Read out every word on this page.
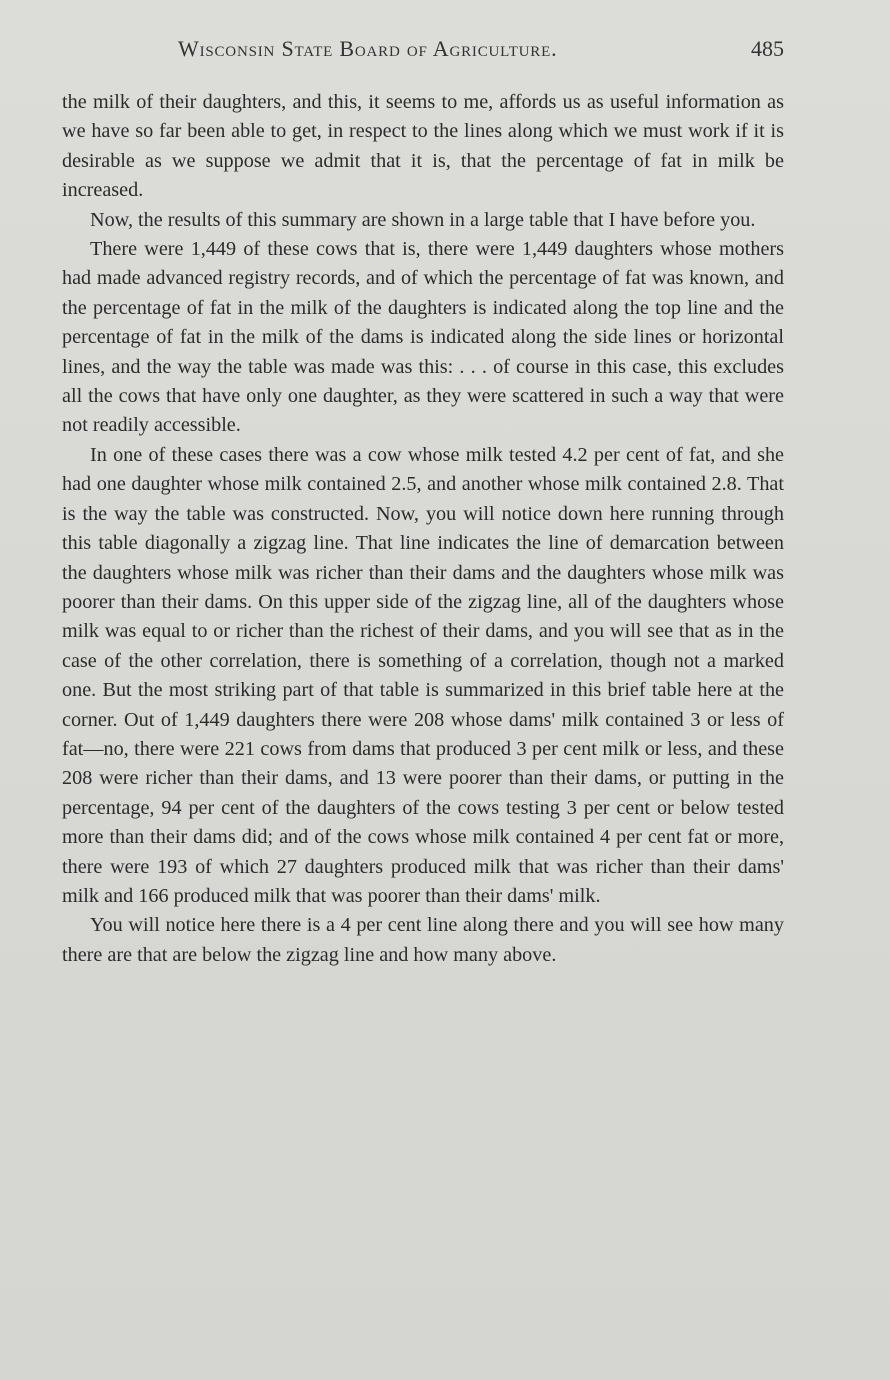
Wisconsin State Board of Agriculture.	485

the milk of their daughters, and this, it seems to me, affords us as useful information as we have so far been able to get, in respect to the lines along which we must work if it is desirable as we suppose we admit that it is, that the percentage of fat in milk be increased.

Now, the results of this summary are shown in a large table that I have before you.

There were 1,449 of these cows that is, there were 1,449 daughters whose mothers had made advanced registry records, and of which the percentage of fat was known, and the percentage of fat in the milk of the daughters is indicated along the top line and the percentage of fat in the milk of the dams is indicated along the side lines or horizontal lines, and the way the table was made was this: . . . of course in this case, this excludes all the cows that have only one daughter, as they were scattered in such a way that were not readily accessible.

In one of these cases there was a cow whose milk tested 4.2 per cent of fat, and she had one daughter whose milk contained 2.5, and another whose milk contained 2.8. That is the way the table was constructed. Now, you will notice down here running through this table diagonally a zigzag line. That line indicates the line of demarcation between the daughters whose milk was richer than their dams and the daughters whose milk was poorer than their dams. On this upper side of the zigzag line, all of the daughters whose milk was equal to or richer than the richest of their dams, and you will see that as in the case of the other correlation, there is something of a correlation, though not a marked one. But the most striking part of that table is summarized in this brief table here at the corner. Out of 1,449 daughters there were 208 whose dams' milk contained 3 or less of fat—no, there were 221 cows from dams that produced 3 per cent milk or less, and these 208 were richer than their dams, and 13 were poorer than their dams, or putting in the percentage, 94 per cent of the daughters of the cows testing 3 per cent or below tested more than their dams did; and of the cows whose milk contained 4 per cent fat or more, there were 193 of which 27 daughters produced milk that was richer than their dams' milk and 166 produced milk that was poorer than their dams' milk.

You will notice here there is a 4 per cent line along there and you will see how many there are that are below the zigzag line and how many above.
